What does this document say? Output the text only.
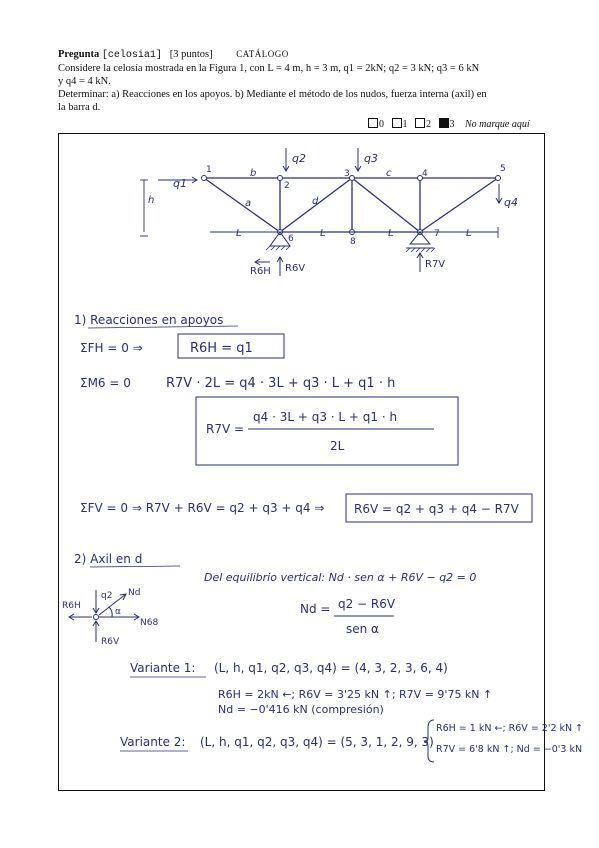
Pregunta [celosia1] [3 puntos]	CATÁLOGO
Considere la celosía mostrada en la Figura 1, con L = 4 m, h = 3 m, q1 = 2kN; q2 = 3 kN; q3 = 6 kN
y q4 = 4 kN.
Determinar: a) Reacciones en los apoyos. b) Mediante el método de los nudos, fuerza interna (axil) en
la barra d.
0 1 2 3 No marque aquí
1
2
3	4	5
6	7
8
a
b	c
d
q1
q2	q3
q4
h
L	L	L	L
R6H R6V	R7V
1) Reacciones en apoyos
ΣFH = 0 ⇒	R6H = q1
ΣM6 = 0	R7V · 2L = q4 · 3L + q3 · L + q1 · h
R7V =
q4 · 3L + q3 · L + q1 · h
2L
ΣFV = 0 ⇒ R7V + R6V = q2 + q3 + q4 ⇒ R6V = q2 + q3 + q4 − R7V
2) Axil en d
R6H
q2 Nd
α
N68
R6V
Del equilibrio vertical: Nd · sen α + R6V − q2 = 0
Nd = q2 − R6V
sen α
Variante 1: (L, h, q1, q2, q3, q4) = (4, 3, 2, 3, 6, 4)
R6H = 2kN ←; R6V = 3'25 kN ↑; R7V = 9'75 kN ↑
Nd = −0'416 kN (compresión)
Variante 2: (L, h, q1, q2, q3, q4) = (5, 3, 1, 2, 9, 3)
R6H = 1 kN ←; R6V = 2'2 kN ↑
R7V = 6'8 kN ↑; Nd = −0'3 kN
